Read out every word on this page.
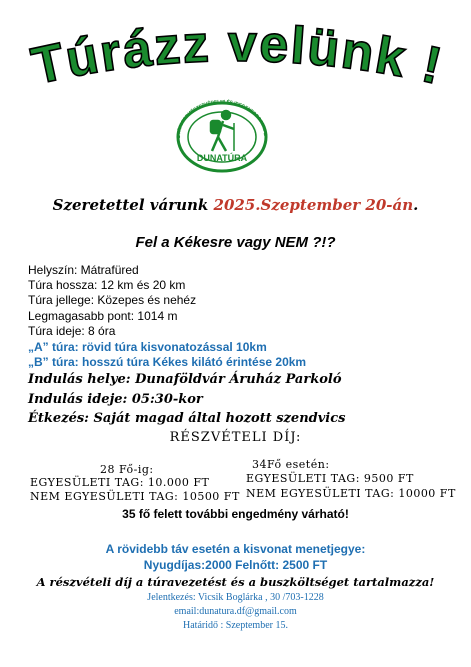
Túrázz velünk !
DVÁRI TERMÉSZETVÉDELMI ÉS IDEGENFORGALMI E
DUNATÚRA
Szeretettel várunk 2025.Szeptember 20-án.
Fel a Kékesre vagy NEM ?!?
Helyszín: Mátrafüred
Túra hossza: 12 km és 20 km
Túra jellege: Közepes és nehéz
Legmagasabb pont: 1014 m
Túra ideje: 8 óra
„A” túra: rövid túra kisvonatozással 10km
„B” túra: hosszú túra Kékes kilátó érintése 20km
Indulás helye: Dunaföldvár Áruház Parkoló
Indulás ideje: 05:30-kor
Étkezés: Saját magad által hozott szendvics
RÉSZVÉTELI DÍJ:
28 Fő-ig:
EGYESÜLETI TAG: 10.000 FT
NEM EGYESÜLETI TAG: 10500 FT
34Fő esetén:
EGYESÜLETI TAG: 9500 FT
NEM EGYESÜLETI TAG: 10000 FT
35 fő felett további engedmény várható!
A rövidebb táv esetén a kisvonat menetjegye:
Nyugdíjas:2000 Felnőtt: 2500 FT
A részvételi díj a túravezetést és a buszköltséget tartalmazza!
Jelentkezés: Vicsik Boglárka , 30 /703-1228
email:dunatura.df@gmail.com
Határidő : Szeptember 15.
